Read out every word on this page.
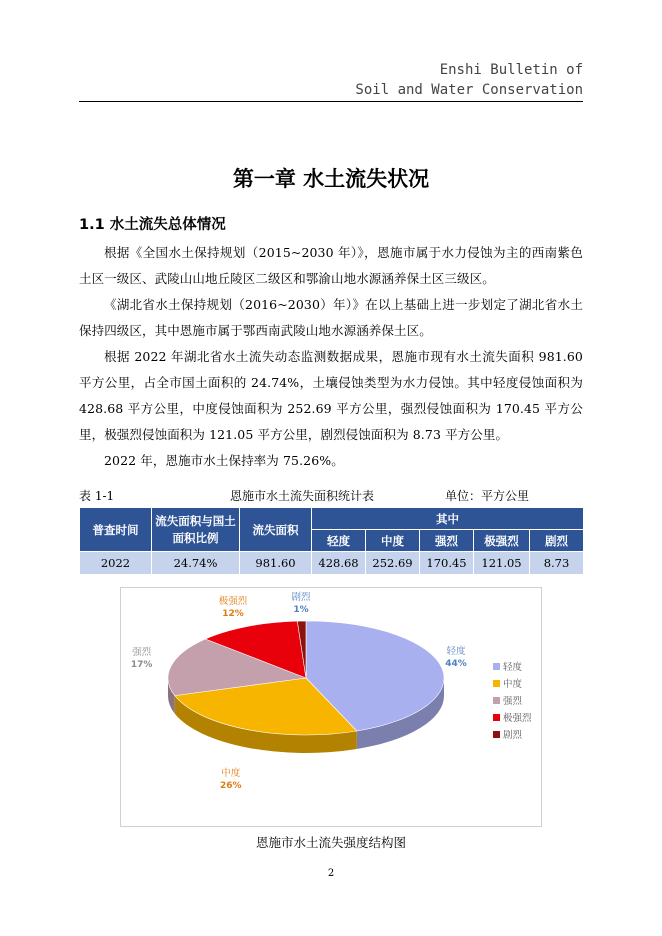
Enshi Bulletin of
Soil and Water Conservation
第一章 水土流失状况
1.1 水土流失总体情况

根据《全国水土保持规划（2015~2030 年）》，恩施市属于水力侵蚀为主的西南紫色土区一级区、武陵山山地丘陵区二级区和鄂渝山地水源涵养保土区三级区。

《湖北省水土保持规划（2016~2030）年）》在以上基础上进一步划定了湖北省水土保持四级区，其中恩施市属于鄂西南武陵山地水源涵养保土区。

根据 2022 年湖北省水土流失动态监测数据成果，恩施市现有水土流失面积 981.60 平方公里，占全市国土面积的 24.74%，土壤侵蚀类型为水力侵蚀。其中轻度侵蚀面积为 428.68 平方公里，中度侵蚀面积为 252.69 平方公里，强烈侵蚀面积为 170.45 平方公里，极强烈侵蚀面积为 121.05 平方公里，剧烈侵蚀面积为 8.73 平方公里。

2022 年，恩施市水土保持率为 75.26%。

表 1-1	恩施市水土流失面积统计表	单位：平方公里
普查时间	流失面积与国土面积比例	流失面积	其中				
			轻度	中度	强烈	极强烈	剧烈
2022	24.74%	981.60	428.68	252.69	170.45	121.05	8.73
轻度
44%
中度
26%
强烈
17%
极强烈
12%
剧烈
1%
轻度
中度
强烈
极强烈
剧烈
恩施市水土流失强度结构图
2
